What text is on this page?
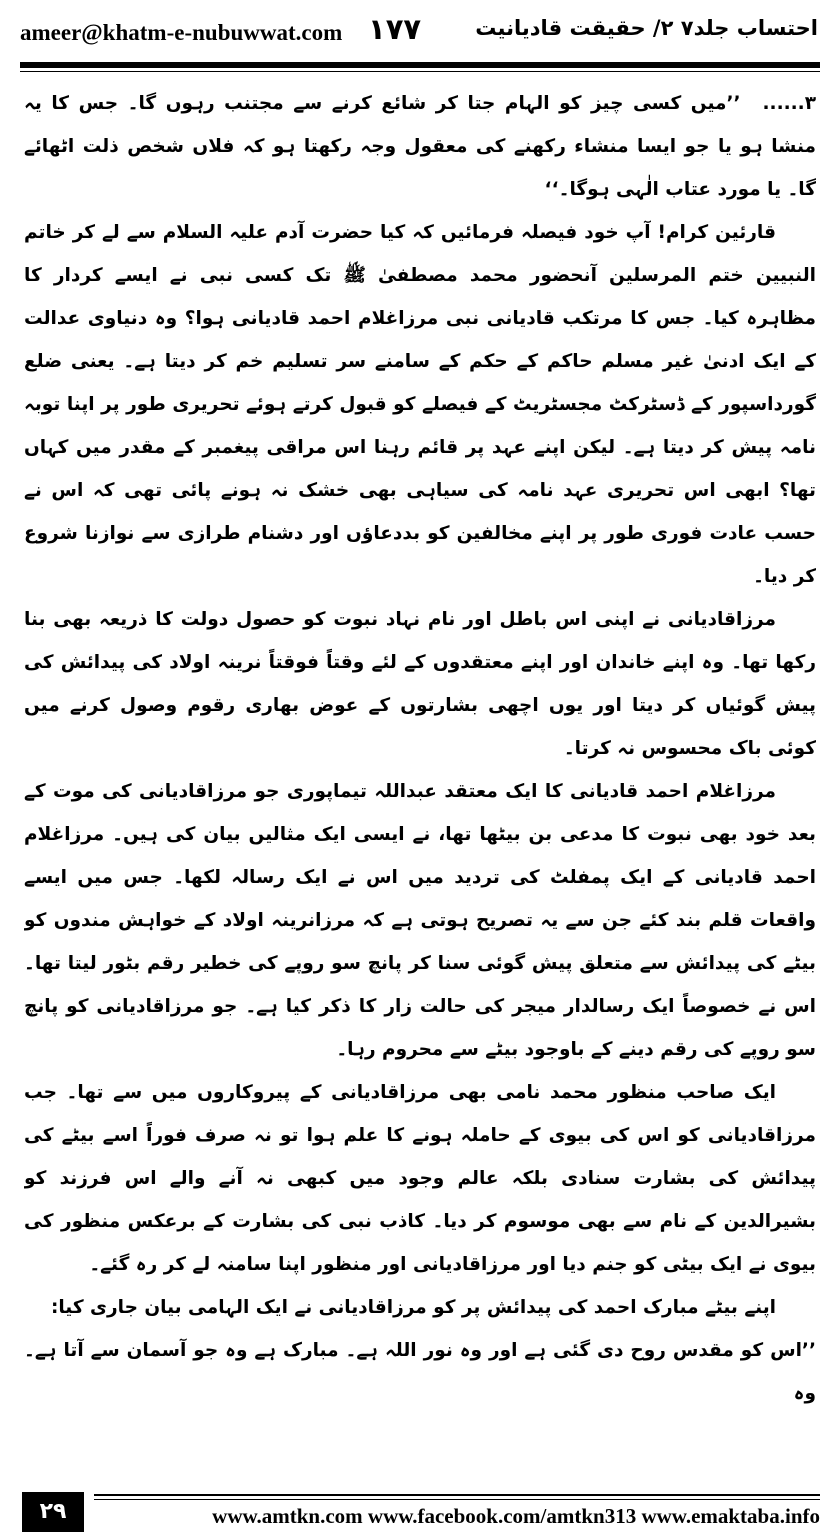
ameer@khatm-e-nubuwwat.com ۱۷۷	احتساب جلد۷ ۲/ حقیقت قادیانیت

۳......’’میں کسی چیز کو الہام جتا کر شائع کرنے سے مجتنب رہوں گا۔ جس کا یہ منشا ہو یا جو ایسا منشاء رکھنے کی معقول وجہ رکھتا ہو کہ فلاں شخص ذلت اٹھائے گا۔ یا مورد عتاب الٰہی ہوگا۔‘‘

قارئین کرام! آپ خود فیصلہ فرمائیں کہ کیا حضرت آدم علیہ السلام سے لے کر خاتم النبیین ختم المرسلین آنحضور محمد مصطفیٰ ﷺ تک کسی نبی نے ایسے کردار کا مظاہرہ کیا۔ جس کا مرتکب قادیانی نبی مرزاغلام احمد قادیانی ہوا؟ وہ دنیاوی عدالت کے ایک ادنیٰ غیر مسلم حاکم کے حکم کے سامنے سر تسلیم خم کر دیتا ہے۔ یعنی ضلع گورداسپور کے ڈسٹرکٹ مجسٹریٹ کے فیصلے کو قبول کرتے ہوئے تحریری طور پر اپنا توبہ نامہ پیش کر دیتا ہے۔ لیکن اپنے عہد پر قائم رہنا اس مراقی پیغمبر کے مقدر میں کہاں تھا؟ ابھی اس تحریری عہد نامہ کی سیاہی بھی خشک نہ ہونے پائی تھی کہ اس نے حسب عادت فوری طور پر اپنے مخالفین کو بددعاؤں اور دشنام طرازی سے نوازنا شروع کر دیا۔

مرزاقادیانی نے اپنی اس باطل اور نام نہاد نبوت کو حصول دولت کا ذریعہ بھی بنا رکھا تھا۔ وہ اپنے خاندان اور اپنے معتقدوں کے لئے وقتاً فوقتاً نرینہ اولاد کی پیدائش کی پیش گوئیاں کر دیتا اور یوں اچھی بشارتوں کے عوض بھاری رقوم وصول کرنے میں کوئی باک محسوس نہ کرتا۔

مرزاغلام احمد قادیانی کا ایک معتقد عبداللہ تیماپوری جو مرزاقادیانی کی موت کے بعد خود بھی نبوت کا مدعی بن بیٹھا تھا، نے ایسی ایک مثالیں بیان کی ہیں۔ مرزاغلام احمد قادیانی کے ایک پمفلٹ کی تردید میں اس نے ایک رسالہ لکھا۔ جس میں ایسے واقعات قلم بند کئے جن سے یہ تصریح ہوتی ہے کہ مرزانرینہ اولاد کے خواہش مندوں کو بیٹے کی پیدائش سے متعلق پیش گوئی سنا کر پانچ سو روپے کی خطیر رقم بٹور لیتا تھا۔ اس نے خصوصاً ایک رسالدار میجر کی حالت زار کا ذکر کیا ہے۔ جو مرزاقادیانی کو پانچ سو روپے کی رقم دینے کے باوجود بیٹے سے محروم رہا۔

ایک صاحب منظور محمد نامی بھی مرزاقادیانی کے پیروکاروں میں سے تھا۔ جب مرزاقادیانی کو اس کی بیوی کے حاملہ ہونے کا علم ہوا تو نہ صرف فوراً اسے بیٹے کی پیدائش کی بشارت سنادی بلکہ عالم وجود میں کبھی نہ آنے والے اس فرزند کو بشیرالدین کے نام سے بھی موسوم کر دیا۔ کاذب نبی کی بشارت کے برعکس منظور کی بیوی نے ایک بیٹی کو جنم دیا اور مرزاقادیانی اور منظور اپنا سامنہ لے کر رہ گئے۔

اپنے بیٹے مبارک احمد کی پیدائش پر کو مرزاقادیانی نے ایک الہامی بیان جاری کیا:

’’اس کو مقدس روح دی گئی ہے اور وہ نور اللہ ہے۔ مبارک ہے وہ جو آسمان سے آتا ہے۔ وہ

۲۹	www.amtkn.com www.facebook.com/amtkn313 www.emaktaba.info
